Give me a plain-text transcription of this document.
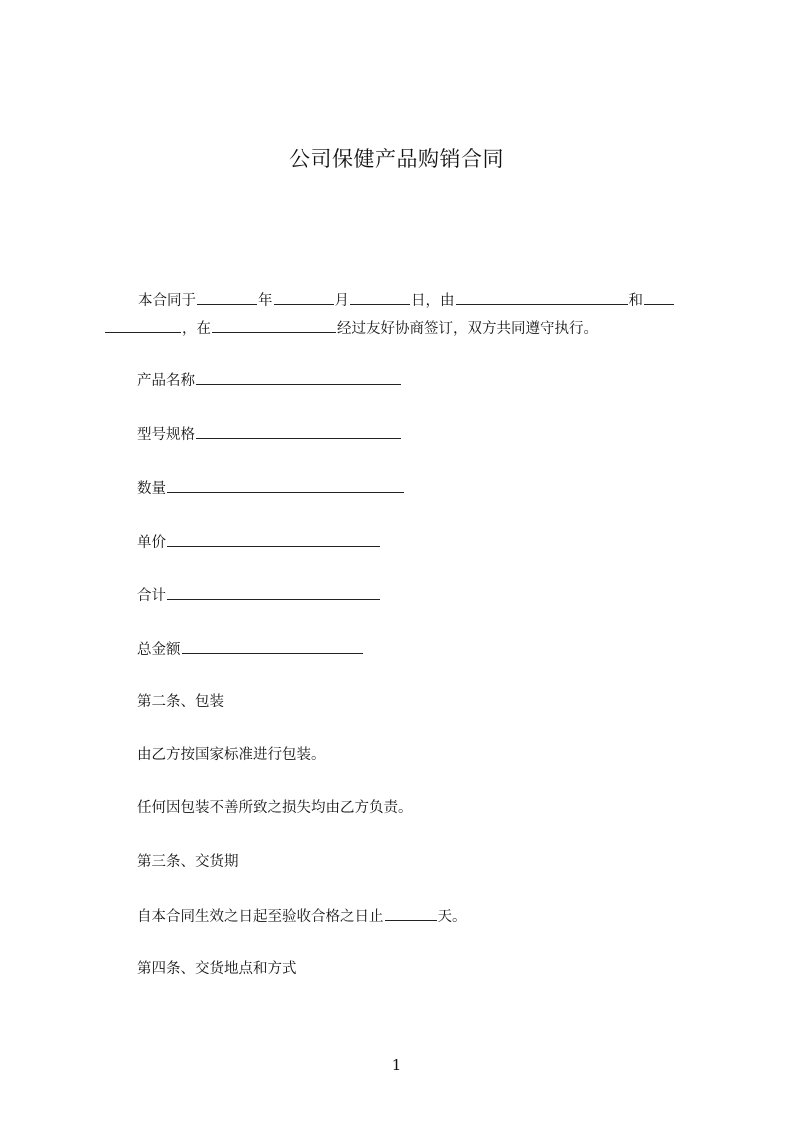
公司保健产品购销合同
本合同于	年	月	日，由	和
，在	经过友好协商签订，双方共同遵守执行。
产品名称
型号规格
数量
单价
合计
总金额
第二条、包装
由乙方按国家标准进行包装。
任何因包装不善所致之损失均由乙方负责。
第三条、交货期
自本合同生效之日起至验收合格之日止	天。
第四条、交货地点和方式
1
